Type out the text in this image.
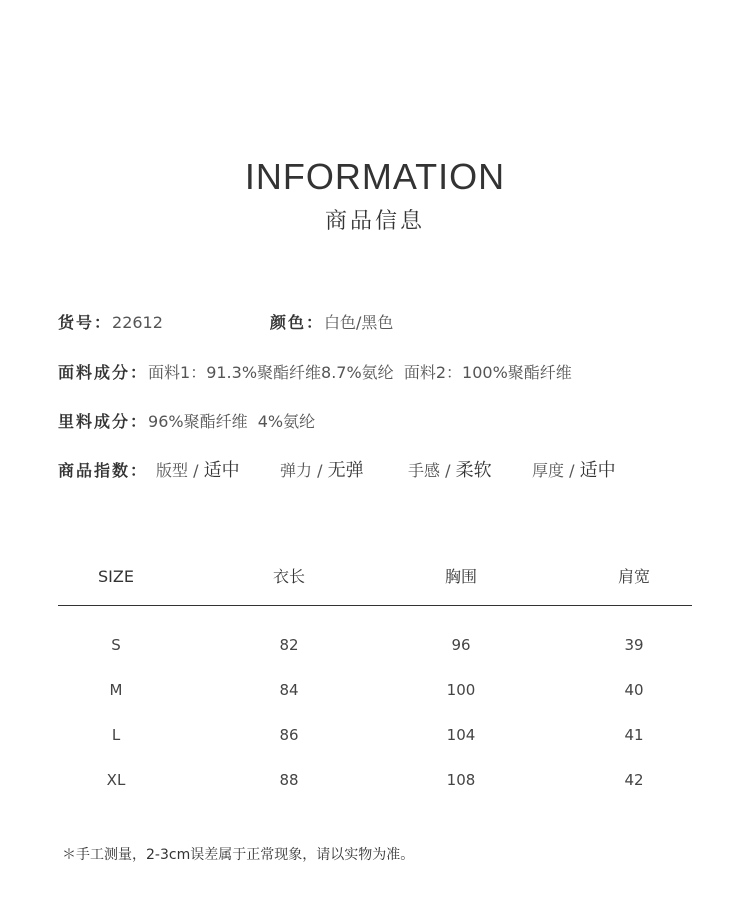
INFORMATION
商品信息
货号：22612	颜色：白色/黑色
面料成分：面料1：91.3%聚酯纤维8.7%氨纶  面料2：100%聚酯纤维
里料成分：96%聚酯纤维  4%氨纶
商品指数： 版型 / 适中	弹力 / 无弹	手感 / 柔软	厚度 / 适中
SIZE	衣长	胸围	肩宽
S	82	96	39
M	84	100	40
L	86	104	41
XL	88	108	42
＊手工测量，2-3cm误差属于正常现象，请以实物为准。
